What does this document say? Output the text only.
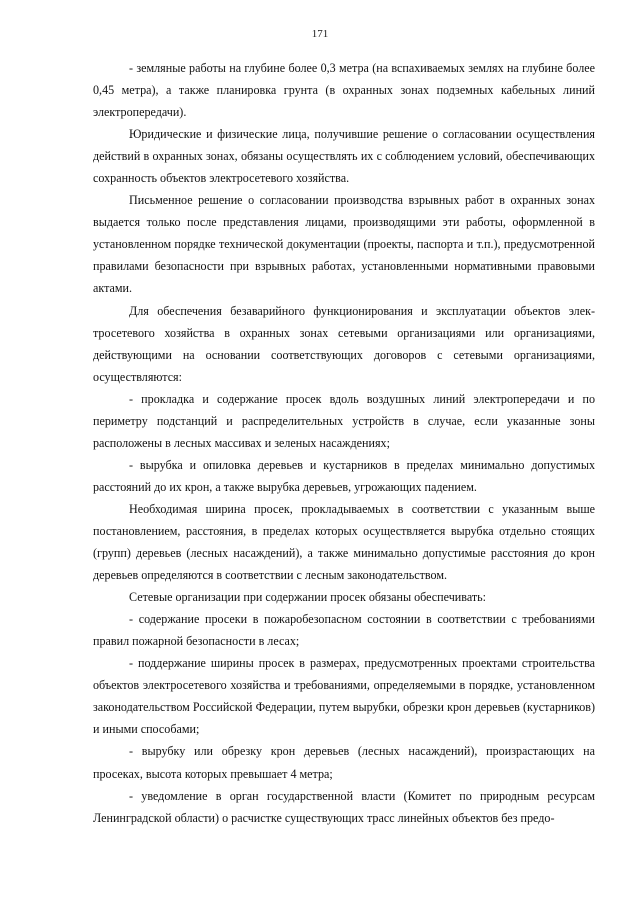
171

- земляные работы на глубине более 0,3 метра (на вспахиваемых землях на глубине более 0,45 метра), а также планировка грунта (в охранных зонах подземных кабельных линий электропередачи).

Юридические и физические лица, получившие решение о согласовании осуществления действий в охранных зонах, обязаны осуществлять их с соблюдением условий, обеспечивающих сохранность объектов электросетевого хозяйства.

Письменное решение о согласовании производства взрывных работ в охранных зонах выдается только после представления лицами, производящими эти работы, оформленной в установленном порядке технической документации (проекты, паспорта и т.п.), предусмотренной правилами безопасности при взрывных работах, установленными нормативными правовыми актами.

Для обеспечения безаварийного функционирования и эксплуатации объектов электросетевого хозяйства в охранных зонах сетевыми организациями или организациями, действующими на основании соответствующих договоров с сетевыми организациями, осуществляются:

- прокладка и содержание просек вдоль воздушных линий электропередачи и по периметру подстанций и распределительных устройств в случае, если указанные зоны расположены в лесных массивах и зеленых насаждениях;

- вырубка и опиловка деревьев и кустарников в пределах минимально допустимых расстояний до их крон, а также вырубка деревьев, угрожающих падением.

Необходимая ширина просек, прокладываемых в соответствии с указанным выше постановлением, расстояния, в пределах которых осуществляется вырубка отдельно стоящих (групп) деревьев (лесных насаждений), а также минимально допустимые расстояния до крон деревьев определяются в соответствии с лесным законодательством.

Сетевые организации при содержании просек обязаны обеспечивать:

- содержание просеки в пожаробезопасном состоянии в соответствии с требованиями правил пожарной безопасности в лесах;

- поддержание ширины просек в размерах, предусмотренных проектами строительства объектов электросетевого хозяйства и требованиями, определяемыми в порядке, установленном законодательством Российской Федерации, путем вырубки, обрезки крон деревьев (кустарников) и иными способами;

- вырубку или обрезку крон деревьев (лесных насаждений), произрастающих на просеках, высота которых превышает 4 метра;

- уведомление в орган государственной власти (Комитет по природным ресурсам Ленинградской области) о расчистке существующих трасс линейных объектов без предо-
